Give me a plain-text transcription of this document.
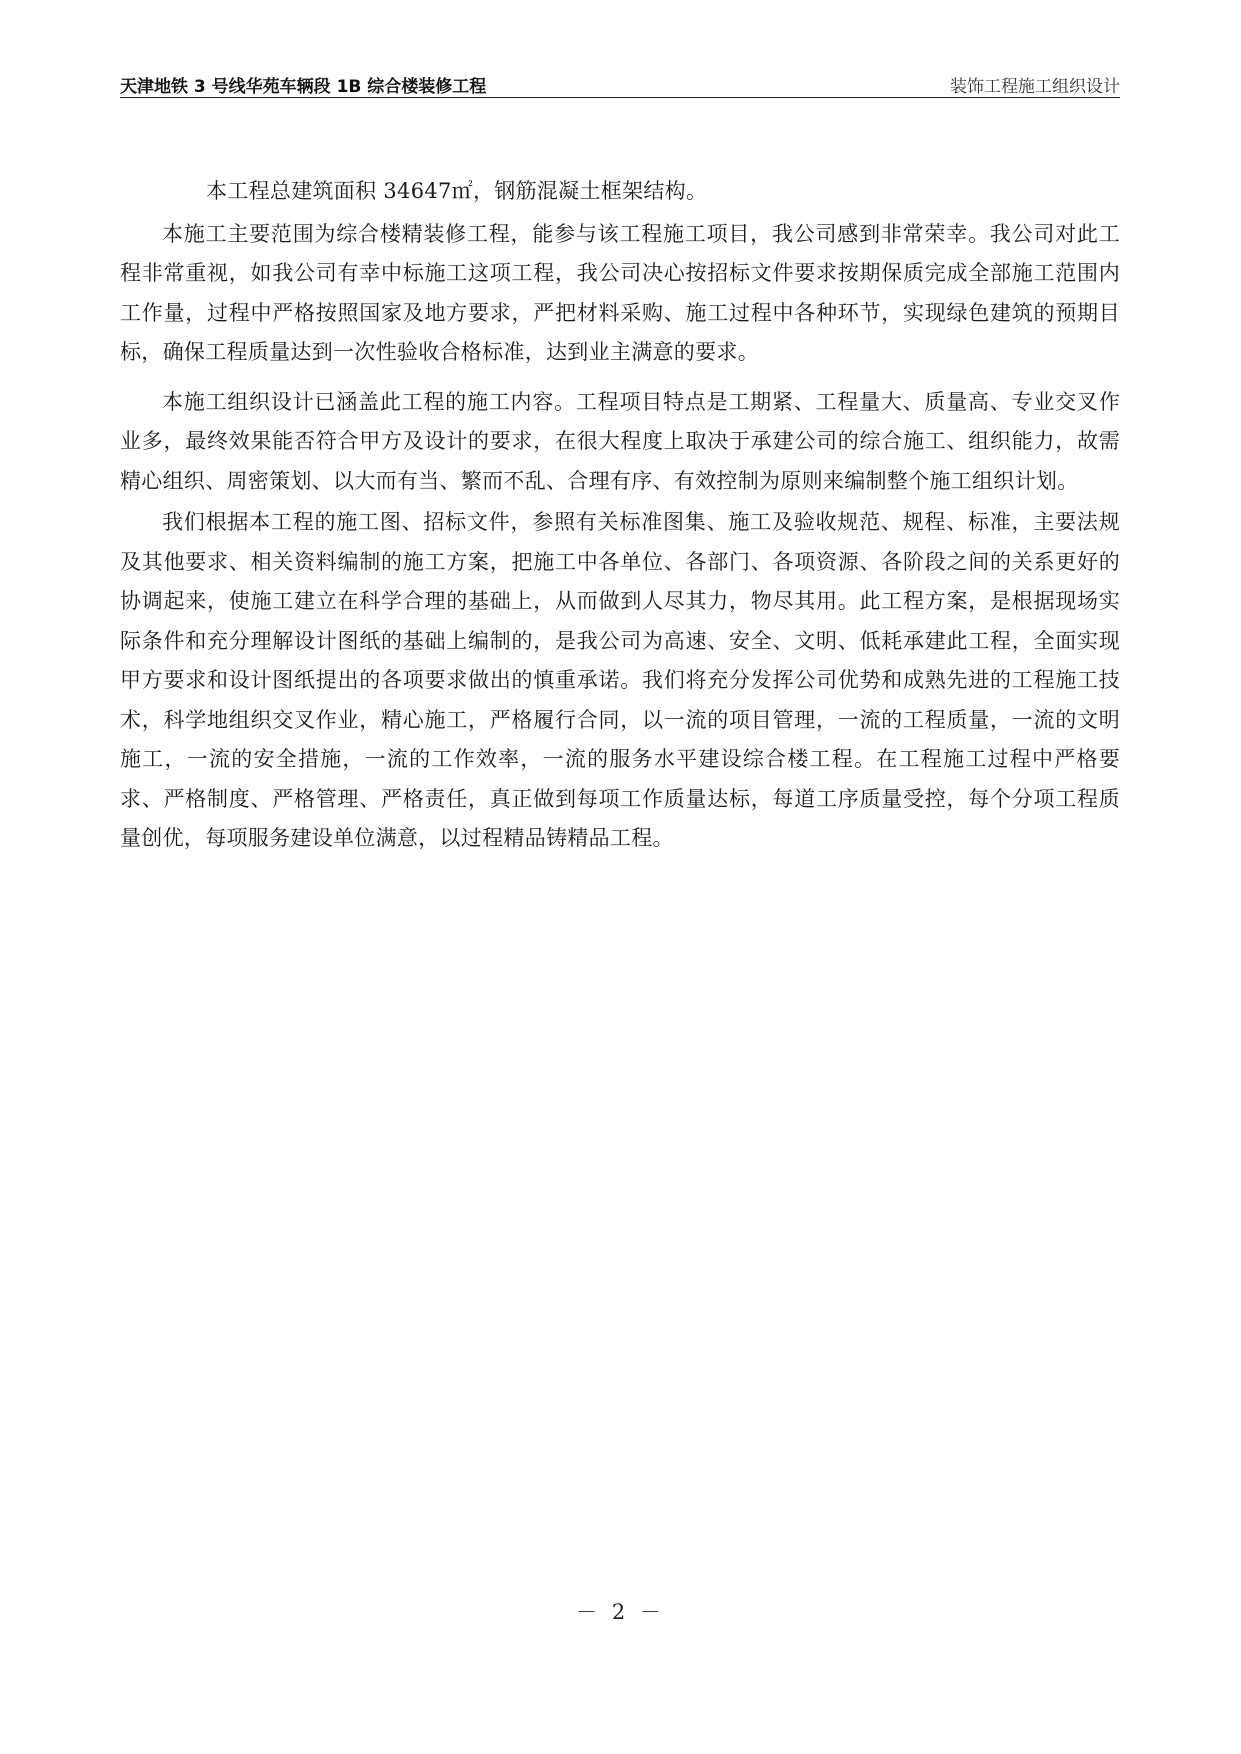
天津地铁 3 号线华苑车辆段 1B 综合楼装修工程	装饰工程施工组织设计

本工程总建筑面积 34647㎡，钢筋混凝土框架结构。

本施工主要范围为综合楼精装修工程，能参与该工程施工项目，我公司感到非常荣幸。我公司对此工程非常重视，如我公司有幸中标施工这项工程，我公司决心按招标文件要求按期保质完成全部施工范围内工作量，过程中严格按照国家及地方要求，严把材料采购、施工过程中各种环节，实现绿色建筑的预期目标，确保工程质量达到一次性验收合格标准，达到业主满意的要求。

本施工组织设计已涵盖此工程的施工内容。工程项目特点是工期紧、工程量大、质量高、专业交叉作业多，最终效果能否符合甲方及设计的要求，在很大程度上取决于承建公司的综合施工、组织能力，故需精心组织、周密策划、以大而有当、繁而不乱、合理有序、有效控制为原则来编制整个施工组织计划。

我们根据本工程的施工图、招标文件，参照有关标准图集、施工及验收规范、规程、标准，主要法规及其他要求、相关资料编制的施工方案，把施工中各单位、各部门、各项资源、各阶段之间的关系更好的协调起来，使施工建立在科学合理的基础上，从而做到人尽其力，物尽其用。此工程方案，是根据现场实际条件和充分理解设计图纸的基础上编制的，是我公司为高速、安全、文明、低耗承建此工程，全面实现甲方要求和设计图纸提出的各项要求做出的慎重承诺。我们将充分发挥公司优势和成熟先进的工程施工技术，科学地组织交叉作业，精心施工，严格履行合同，以一流的项目管理，一流的工程质量，一流的文明施工，一流的安全措施，一流的工作效率，一流的服务水平建设综合楼工程。在工程施工过程中严格要求、严格制度、严格管理、严格责任，真正做到每项工作质量达标，每道工序质量受控，每个分项工程质量创优，每项服务建设单位满意，以过程精品铸精品工程。

－ 2 －
